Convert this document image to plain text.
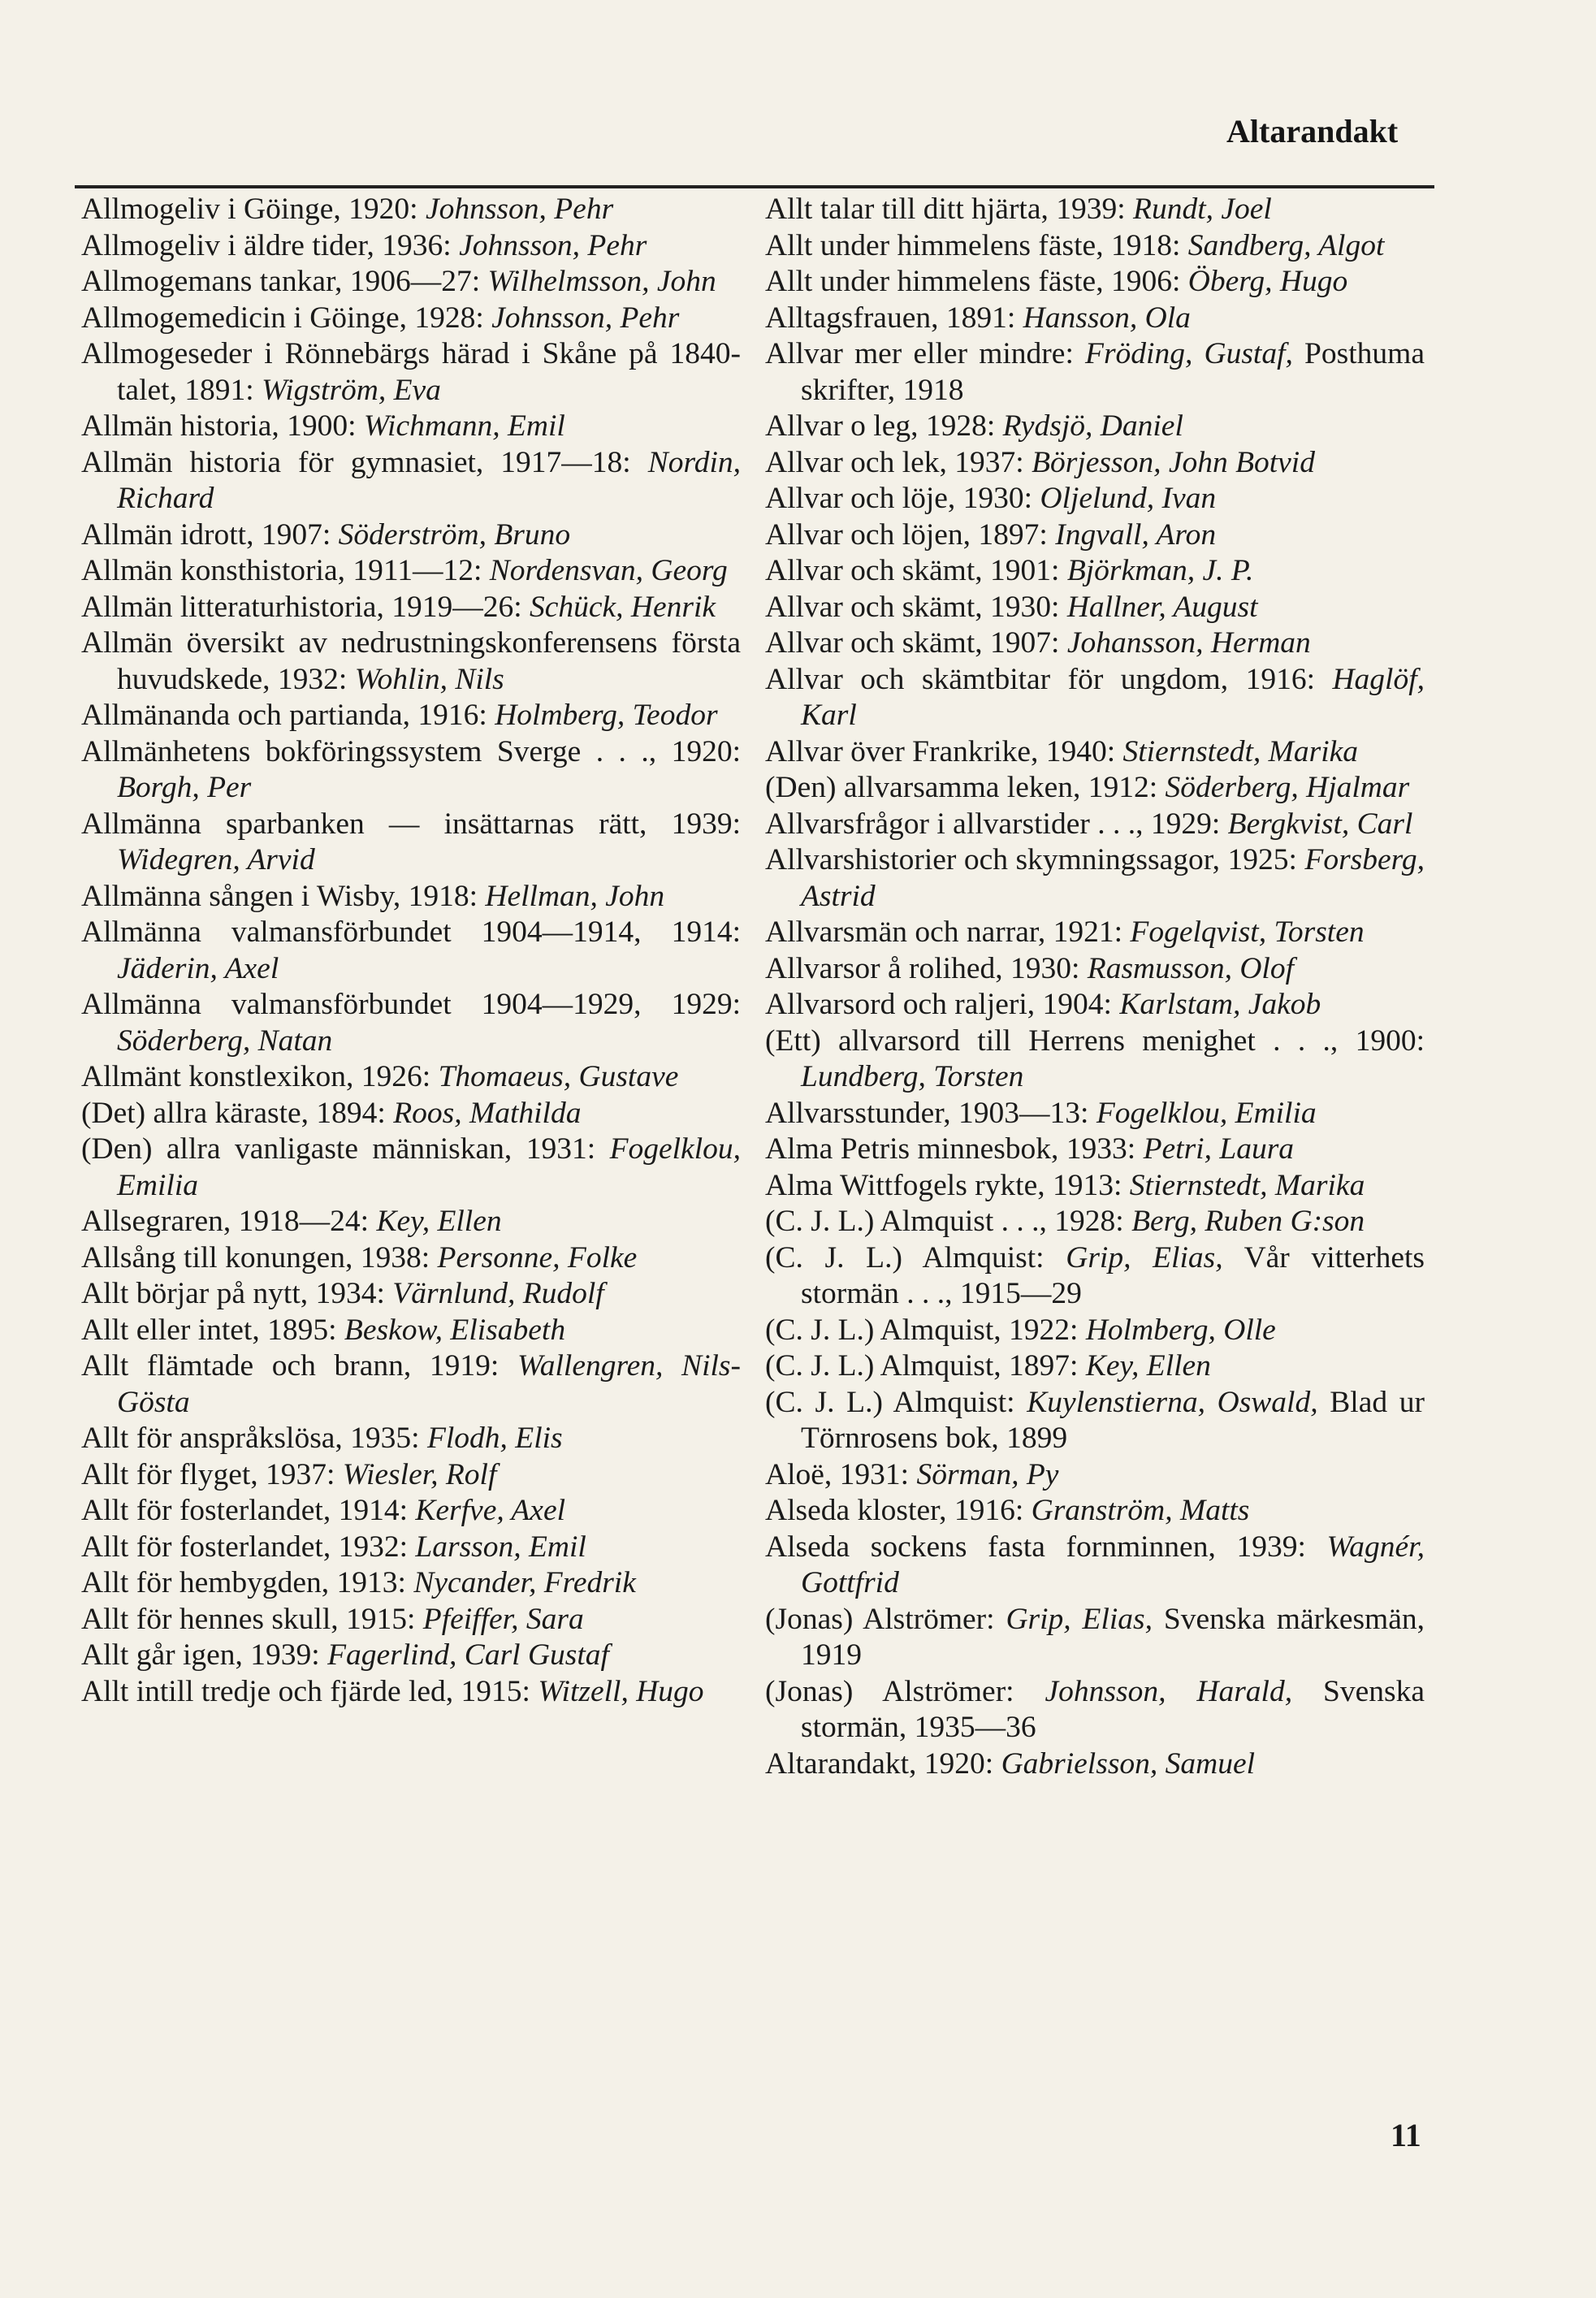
Altarandakt

Allmogeliv i Göinge, 1920: Johnsson, Pehr

Allmogeliv i äldre tider, 1936: Johnsson, Pehr

Allmogemans tankar, 1906—27: Wilhelmsson, John

Allmogemedicin i Göinge, 1928: Johnsson, Pehr

Allmogeseder i Rönnebärgs härad i Skåne på 1840-talet, 1891: Wigström, Eva

Allmän historia, 1900: Wichmann, Emil

Allmän historia för gymnasiet, 1917—18: Nordin, Richard

Allmän idrott, 1907: Söderström, Bruno

Allmän konsthistoria, 1911—12: Nordensvan, Georg

Allmän litteraturhistoria, 1919—26: Schück, Henrik

Allmän översikt av nedrustningskonferensens första huvudskede, 1932: Wohlin, Nils

Allmänanda och partianda, 1916: Holmberg, Teodor

Allmänhetens bokföringssystem Sverge . . ., 1920: Borgh, Per

Allmänna sparbanken — insättarnas rätt, 1939: Widegren, Arvid

Allmänna sången i Wisby, 1918: Hellman, John

Allmänna valmansförbundet 1904—1914, 1914: Jäderin, Axel

Allmänna valmansförbundet 1904—1929, 1929: Söderberg, Natan

Allmänt konstlexikon, 1926: Thomaeus, Gustave

(Det) allra käraste, 1894: Roos, Mathilda

(Den) allra vanligaste människan, 1931: Fogelklou, Emilia

Allsegraren, 1918—24: Key, Ellen

Allsång till konungen, 1938: Personne, Folke

Allt börjar på nytt, 1934: Värnlund, Rudolf

Allt eller intet, 1895: Beskow, Elisabeth

Allt flämtade och brann, 1919: Wallengren, Nils-Gösta

Allt för anspråkslösa, 1935: Flodh, Elis

Allt för flyget, 1937: Wiesler, Rolf

Allt för fosterlandet, 1914: Kerfve, Axel

Allt för fosterlandet, 1932: Larsson, Emil

Allt för hembygden, 1913: Nycander, Fredrik

Allt för hennes skull, 1915: Pfeiffer, Sara

Allt går igen, 1939: Fagerlind, Carl Gustaf

Allt intill tredje och fjärde led, 1915: Witzell, Hugo

Allt talar till ditt hjärta, 1939: Rundt, Joel

Allt under himmelens fäste, 1918: Sandberg, Algot

Allt under himmelens fäste, 1906: Öberg, Hugo

Alltagsfrauen, 1891: Hansson, Ola

Allvar mer eller mindre: Fröding, Gustaf, Posthuma skrifter, 1918

Allvar o leg, 1928: Rydsjö, Daniel

Allvar och lek, 1937: Börjesson, John Botvid

Allvar och löje, 1930: Oljelund, Ivan

Allvar och löjen, 1897: Ingvall, Aron

Allvar och skämt, 1901: Björkman, J. P.

Allvar och skämt, 1930: Hallner, August

Allvar och skämt, 1907: Johansson, Herman

Allvar och skämtbitar för ungdom, 1916: Haglöf, Karl

Allvar över Frankrike, 1940: Stiernstedt, Marika

(Den) allvarsamma leken, 1912: Söderberg, Hjalmar

Allvarsfrågor i allvarstider . . ., 1929: Bergkvist, Carl

Allvarshistorier och skymningssagor, 1925: Forsberg, Astrid

Allvarsmän och narrar, 1921: Fogelqvist, Torsten

Allvarsor å rolihed, 1930: Rasmusson, Olof

Allvarsord och raljeri, 1904: Karlstam, Jakob

(Ett) allvarsord till Herrens menighet . . ., 1900: Lundberg, Torsten

Allvarsstunder, 1903—13: Fogelklou, Emilia

Alma Petris minnesbok, 1933: Petri, Laura

Alma Wittfogels rykte, 1913: Stiernstedt, Marika

(C. J. L.) Almquist . . ., 1928: Berg, Ruben G:son

(C. J. L.) Almquist: Grip, Elias, Vår vitterhets stormän . . ., 1915—29

(C. J. L.) Almquist, 1922: Holmberg, Olle

(C. J. L.) Almquist, 1897: Key, Ellen

(C. J. L.) Almquist: Kuylenstierna, Oswald, Blad ur Törnrosens bok, 1899

Aloë, 1931: Sörman, Py

Alseda kloster, 1916: Granström, Matts

Alseda sockens fasta fornminnen, 1939: Wagnér, Gottfrid

(Jonas) Alströmer: Grip, Elias, Svenska märkesmän, 1919

(Jonas) Alströmer: Johnsson, Harald, Svenska stormän, 1935—36

Altarandakt, 1920: Gabrielsson, Samuel

11
